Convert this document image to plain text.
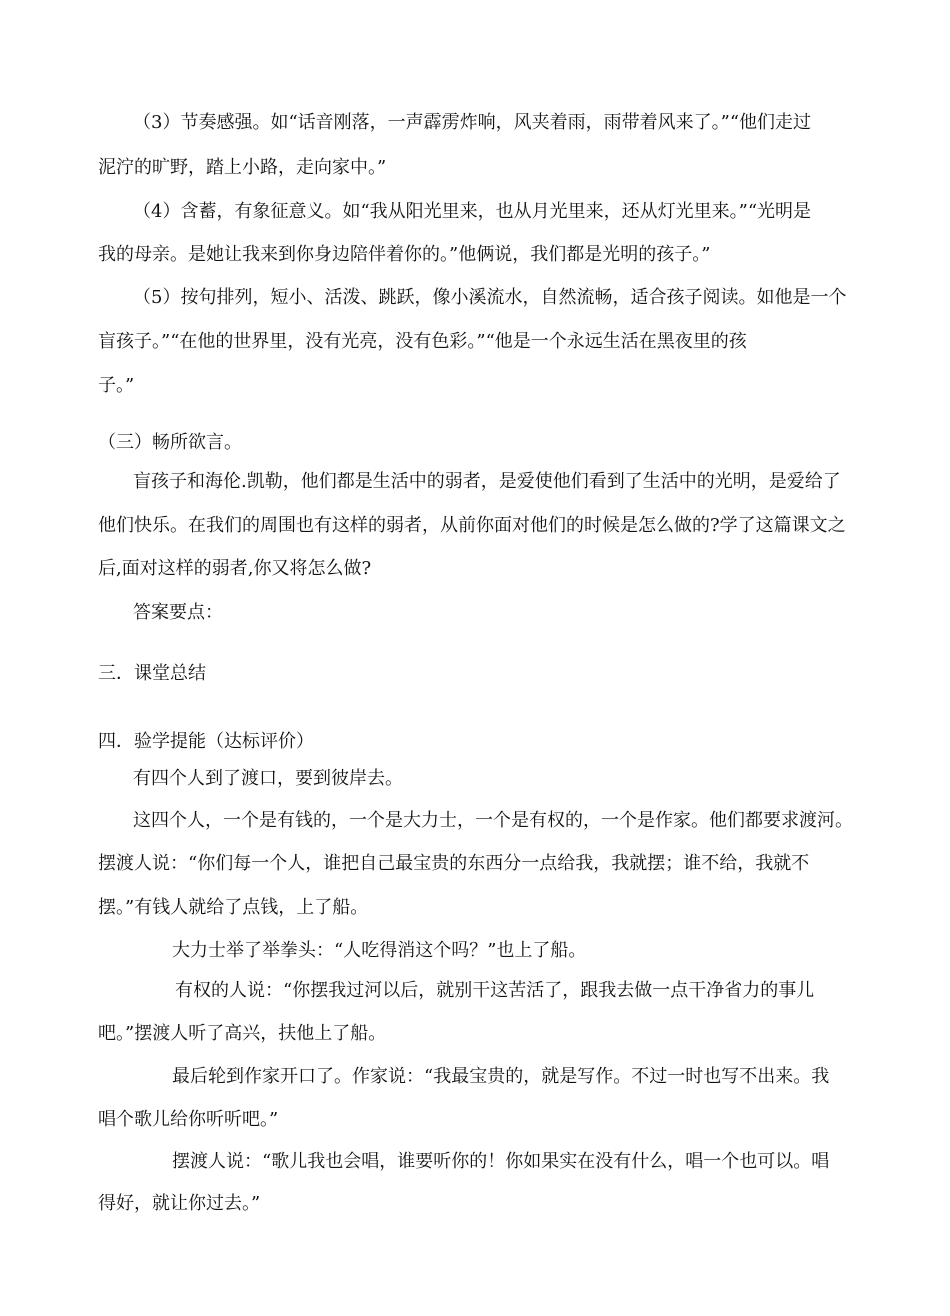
（3）节奏感强。如“话音刚落，一声霹雳炸响，风夹着雨，雨带着风来了。”“他们走过
泥泞的旷野，踏上小路，走向家中。”
（4）含蓄，有象征意义。如“我从阳光里来，也从月光里来，还从灯光里来。”“光明是
我的母亲。是她让我来到你身边陪伴着你的。”他俩说，我们都是光明的孩子。”
（5）按句排列，短小、活泼、跳跃，像小溪流水，自然流畅，适合孩子阅读。如他是一个
盲孩子。”“在他的世界里，没有光亮，没有色彩。”“他是一个永远生活在黑夜里的孩
子。”
（三）畅所欲言。
盲孩子和海伦.凯勒，他们都是生活中的弱者，是爱使他们看到了生活中的光明，是爱给了
他们快乐。在我们的周围也有这样的弱者，从前你面对他们的时候是怎么做的?学了这篇课文之
后,面对这样的弱者,你又将怎么做?
答案要点：
三．课堂总结
四．验学提能（达标评价）
有四个人到了渡口，要到彼岸去。
这四个人，一个是有钱的，一个是大力士，一个是有权的，一个是作家。他们都要求渡河。
摆渡人说：“你们每一个人，谁把自己最宝贵的东西分一点给我，我就摆；谁不给，我就不
摆。”有钱人就给了点钱，上了船。
大力士举了举拳头：“人吃得消这个吗？”也上了船。
有权的人说：“你摆我过河以后，就别干这苦活了，跟我去做一点干净省力的事儿
吧。”摆渡人听了高兴，扶他上了船。
最后轮到作家开口了。作家说：“我最宝贵的，就是写作。不过一时也写不出来。我
唱个歌儿给你听听吧。”
摆渡人说：“歌儿我也会唱，谁要听你的！你如果实在没有什么，唱一个也可以。唱
得好，就让你过去。”
